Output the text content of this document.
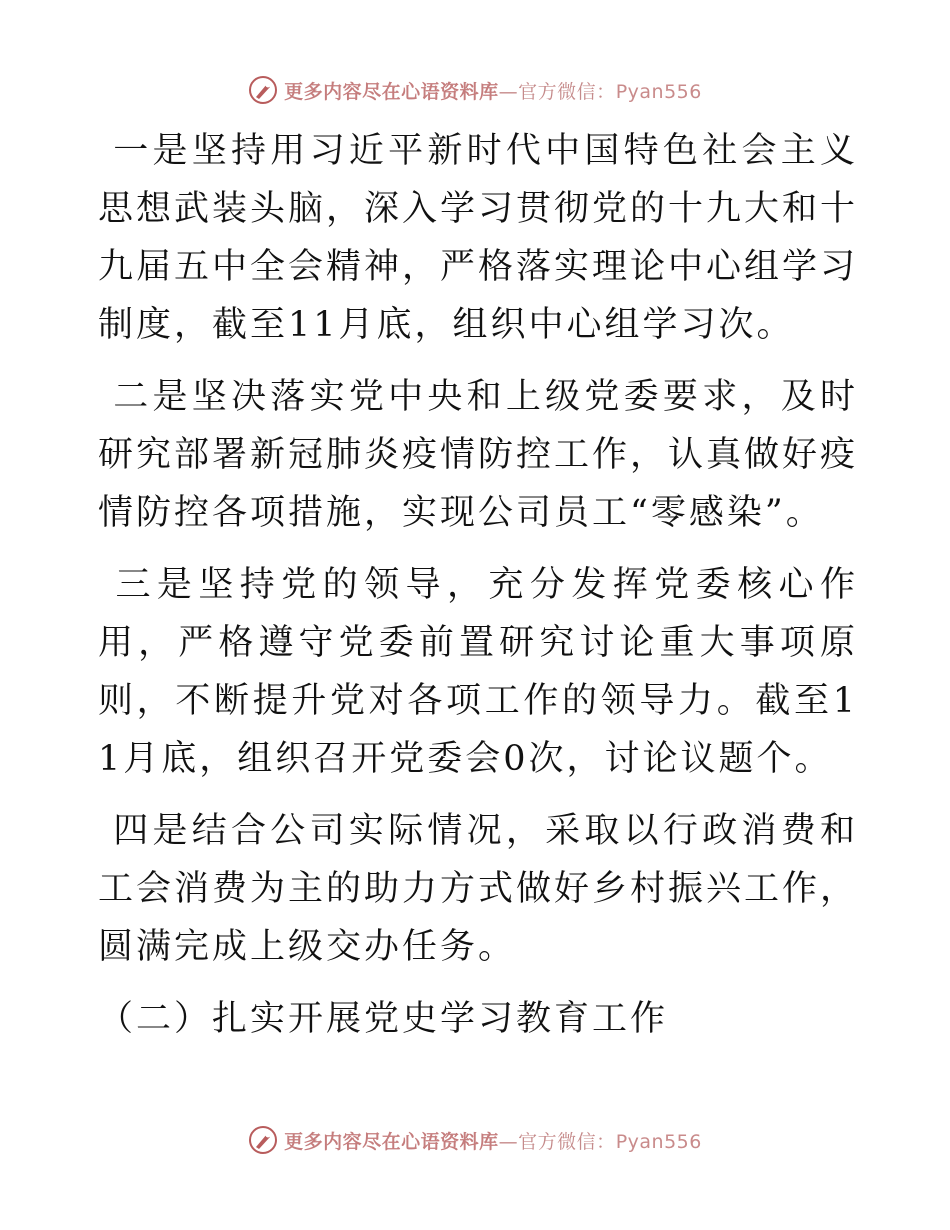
更多内容尽在心语资料库—官方微信：Pyan556

一是坚持用习近平新时代中国特色社会主义思想武装头脑，深入学习贯彻党的十九大和十九届五中全会精神，严格落实理论中心组学习制度，截至11月底，组织中心组学习次。

二是坚决落实党中央和上级党委要求，及时研究部署新冠肺炎疫情防控工作，认真做好疫情防控各项措施，实现公司员工“零感染”。

三是坚持党的领导，充分发挥党委核心作用，严格遵守党委前置研究讨论重大事项原则，不断提升党对各项工作的领导力。截至11月底，组织召开党委会0次，讨论议题个。

四是结合公司实际情况，采取以行政消费和工会消费为主的助力方式做好乡村振兴工作，圆满完成上级交办任务。

（二）扎实开展党史学习教育工作

更多内容尽在心语资料库—官方微信：Pyan556
